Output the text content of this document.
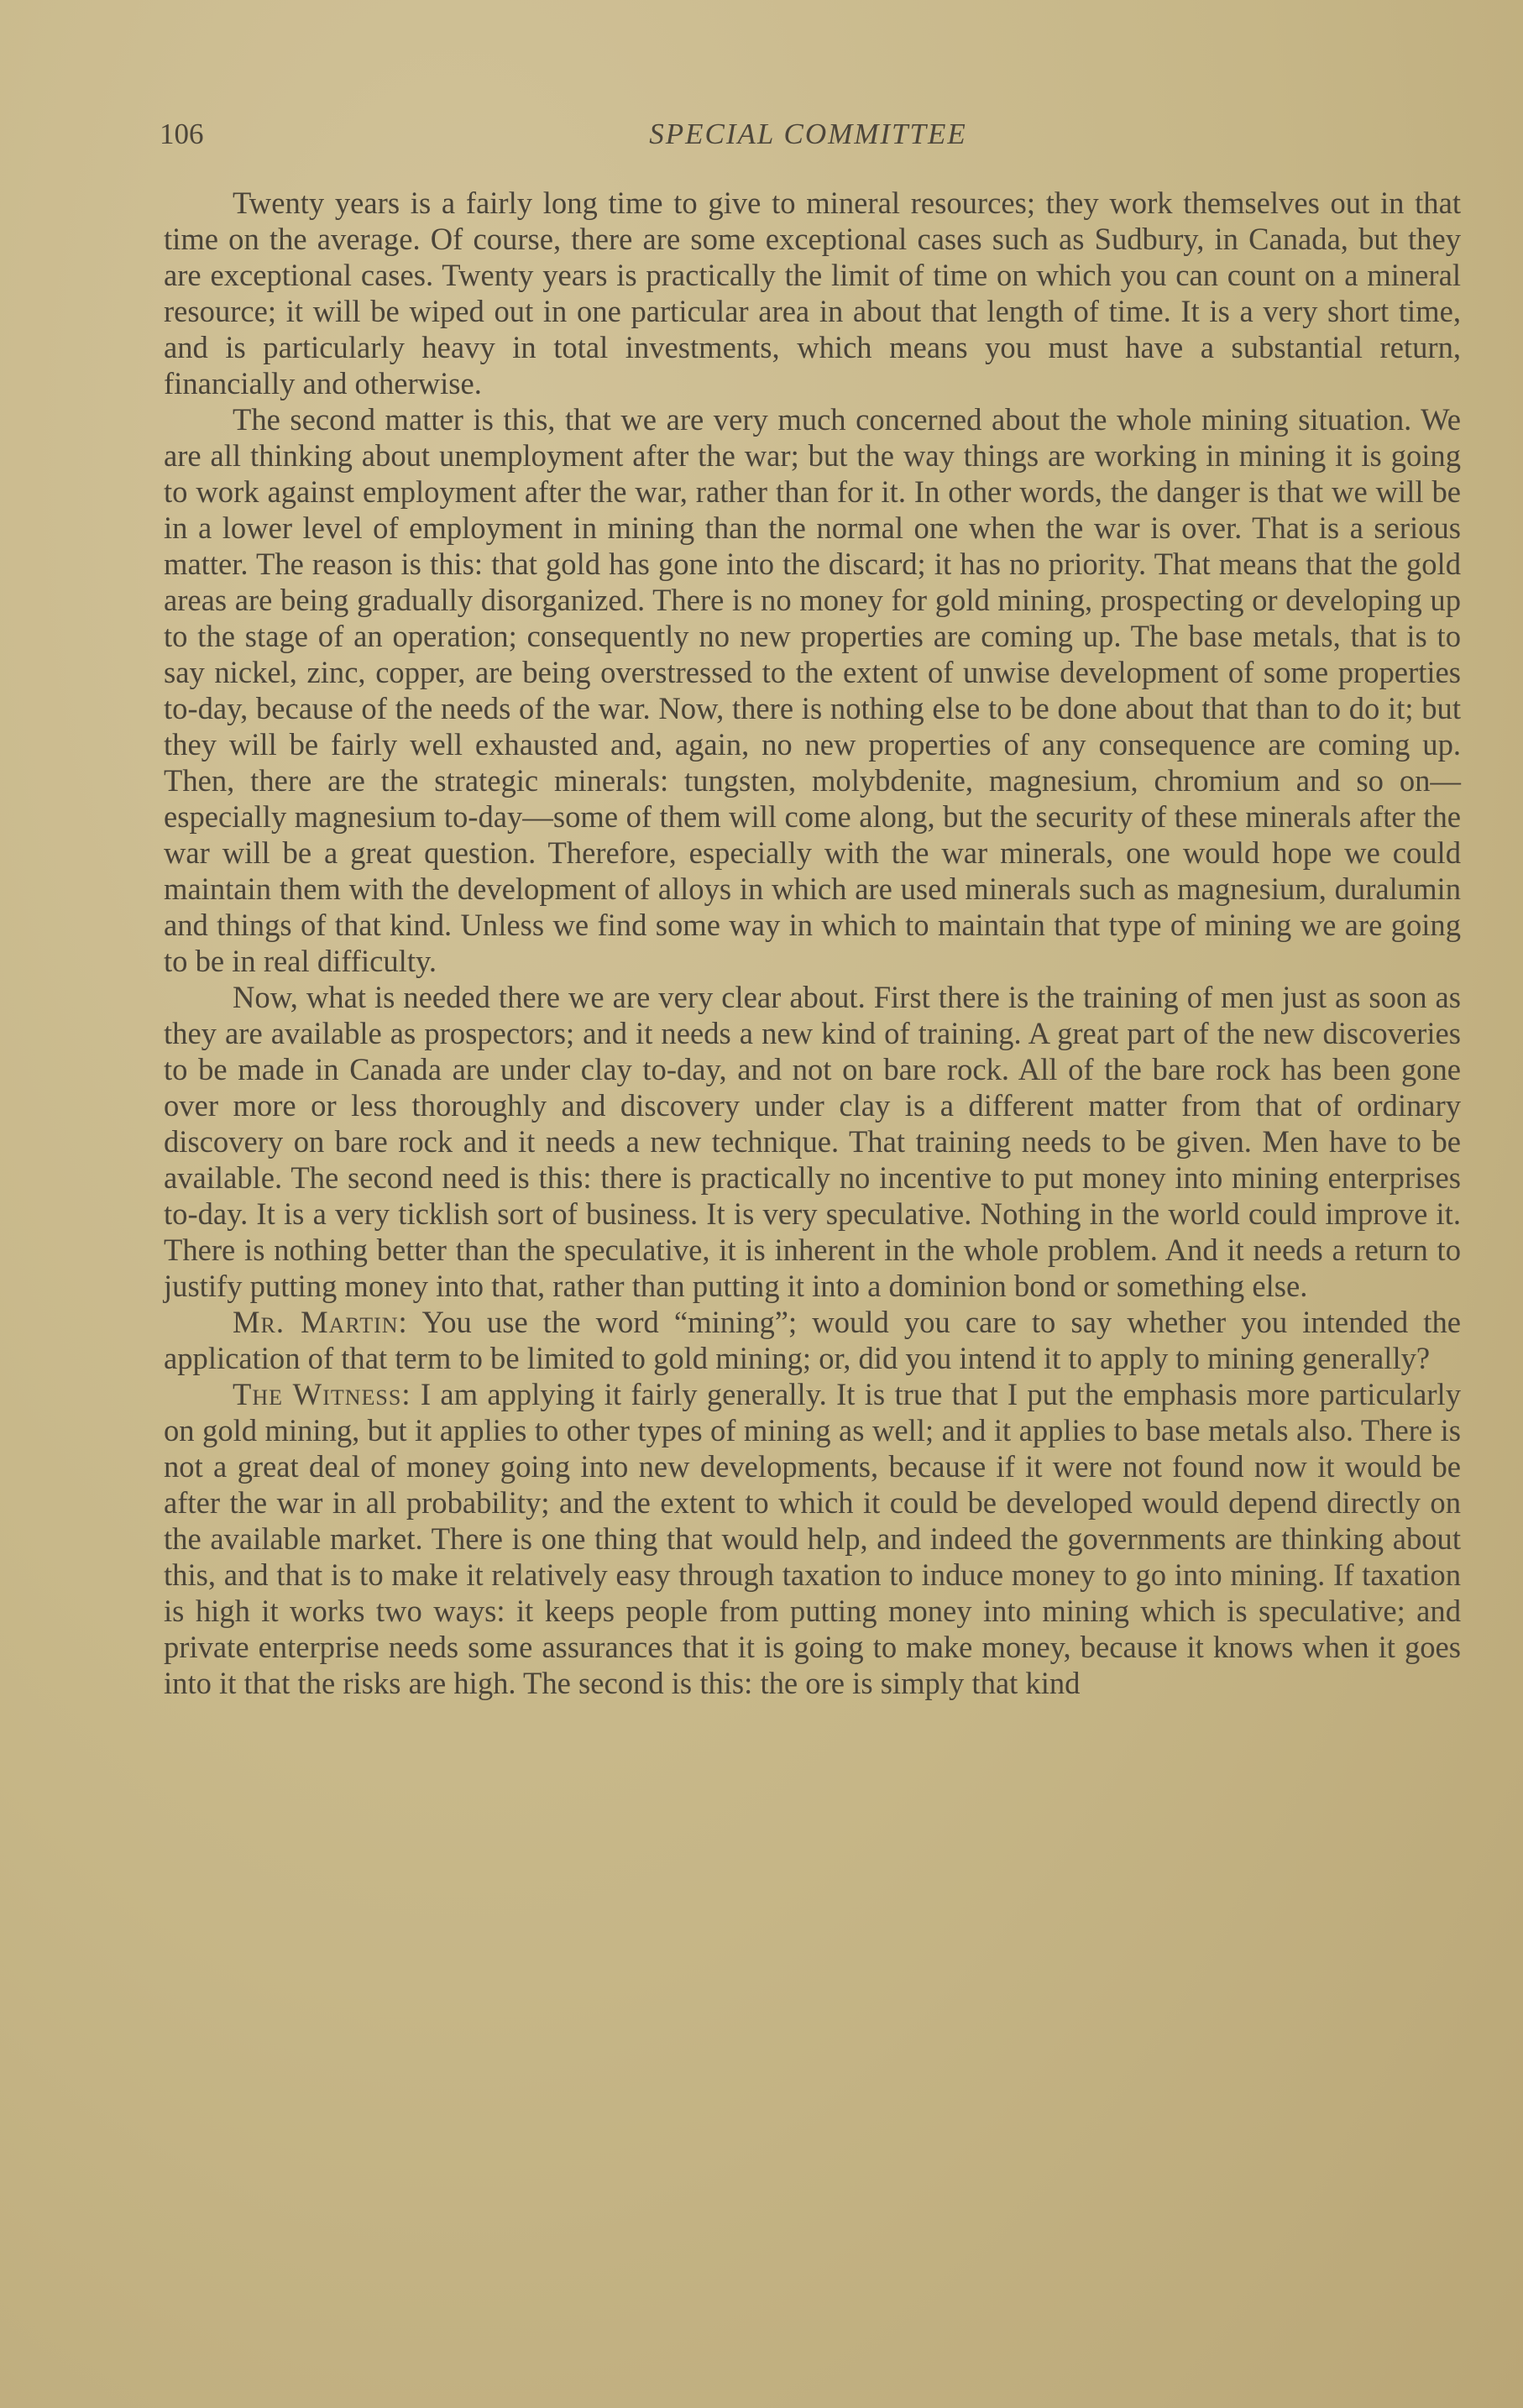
106	SPECIAL COMMITTEE

Twenty years is a fairly long time to give to mineral resources; they work themselves out in that time on the average. Of course, there are some exceptional cases such as Sudbury, in Canada, but they are exceptional cases. Twenty years is practically the limit of time on which you can count on a mineral resource; it will be wiped out in one particular area in about that length of time. It is a very short time, and is particularly heavy in total investments, which means you must have a substantial return, financially and otherwise.

The second matter is this, that we are very much concerned about the whole mining situation. We are all thinking about unemployment after the war; but the way things are working in mining it is going to work against employment after the war, rather than for it. In other words, the danger is that we will be in a lower level of employment in mining than the normal one when the war is over. That is a serious matter. The reason is this: that gold has gone into the discard; it has no priority. That means that the gold areas are being gradually disorganized. There is no money for gold mining, prospecting or developing up to the stage of an operation; consequently no new properties are coming up. The base metals, that is to say nickel, zinc, copper, are being overstressed to the extent of unwise development of some properties to-day, because of the needs of the war. Now, there is nothing else to be done about that than to do it; but they will be fairly well exhausted and, again, no new properties of any consequence are coming up. Then, there are the strategic minerals: tungsten, molybdenite, magnesium, chromium and so on—especially magnesium to-day—some of them will come along, but the security of these minerals after the war will be a great question. Therefore, especially with the war minerals, one would hope we could maintain them with the development of alloys in which are used minerals such as magnesium, duralumin and things of that kind. Unless we find some way in which to maintain that type of mining we are going to be in real difficulty.

Now, what is needed there we are very clear about. First there is the training of men just as soon as they are available as prospectors; and it needs a new kind of training. A great part of the new discoveries to be made in Canada are under clay to-day, and not on bare rock. All of the bare rock has been gone over more or less thoroughly and discovery under clay is a different matter from that of ordinary discovery on bare rock and it needs a new technique. That training needs to be given. Men have to be available. The second need is this: there is practically no incentive to put money into mining enterprises to-day. It is a very ticklish sort of business. It is very speculative. Nothing in the world could improve it. There is nothing better than the speculative, it is inherent in the whole problem. And it needs a return to justify putting money into that, rather than putting it into a dominion bond or something else.

Mr. Martin: You use the word “mining”; would you care to say whether you intended the application of that term to be limited to gold mining; or, did you intend it to apply to mining generally?

The Witness: I am applying it fairly generally. It is true that I put the emphasis more particularly on gold mining, but it applies to other types of mining as well; and it applies to base metals also. There is not a great deal of money going into new developments, because if it were not found now it would be after the war in all probability; and the extent to which it could be developed would depend directly on the available market. There is one thing that would help, and indeed the governments are thinking about this, and that is to make it relatively easy through taxation to induce money to go into mining. If taxation is high it works two ways: it keeps people from putting money into mining which is speculative; and private enterprise needs some assurances that it is going to make money, because it knows when it goes into it that the risks are high. The second is this: the ore is simply that kind
